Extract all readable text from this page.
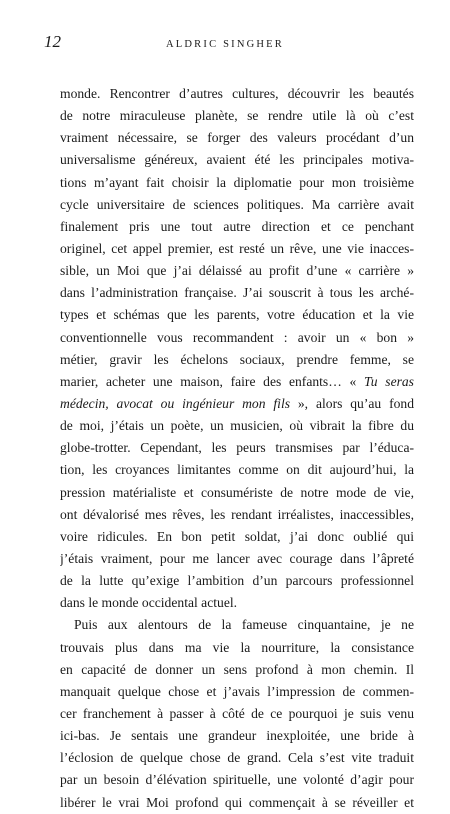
12	ALDRIC SINGHER
monde. Rencontrer d’autres cultures, découvrir les beautés
de notre miraculeuse planète, se rendre utile là où c’est
vraiment nécessaire, se forger des valeurs procédant d’un
universalisme généreux, avaient été les principales motiva-
tions m’ayant fait choisir la diplomatie pour mon troisième
cycle universitaire de sciences politiques. Ma carrière avait
finalement pris une tout autre direction et ce penchant
originel, cet appel premier, est resté un rêve, une vie inacces-
sible, un Moi que j’ai délaissé au profit d’une « carrière »
dans l’administration française. J’ai souscrit à tous les arché-
types et schémas que les parents, votre éducation et la vie
conventionnelle vous recommandent : avoir un « bon »
métier, gravir les échelons sociaux, prendre femme, se
marier, acheter une maison, faire des enfants… « Tu seras
médecin, avocat ou ingénieur mon fils », alors qu’au fond
de moi, j’étais un poète, un musicien, où vibrait la fibre du
globe-trotter. Cependant, les peurs transmises par l’éduca-
tion, les croyances limitantes comme on dit aujourd’hui, la
pression matérialiste et consumériste de notre mode de vie,
ont dévalorisé mes rêves, les rendant irréalistes, inaccessibles,
voire ridicules. En bon petit soldat, j’ai donc oublié qui
j’étais vraiment, pour me lancer avec courage dans l’âpreté
de la lutte qu’exige l’ambition d’un parcours professionnel
dans le monde occidental actuel.
Puis aux alentours de la fameuse cinquantaine, je ne
trouvais plus dans ma vie la nourriture, la consistance
en capacité de donner un sens profond à mon chemin. Il
manquait quelque chose et j’avais l’impression de commen-
cer franchement à passer à côté de ce pourquoi je suis venu
ici-bas. Je sentais une grandeur inexploitée, une bride à
l’éclosion de quelque chose de grand. Cela s’est vite traduit
par un besoin d’élévation spirituelle, une volonté d’agir pour
libérer le vrai Moi profond qui commençait à se réveiller et
